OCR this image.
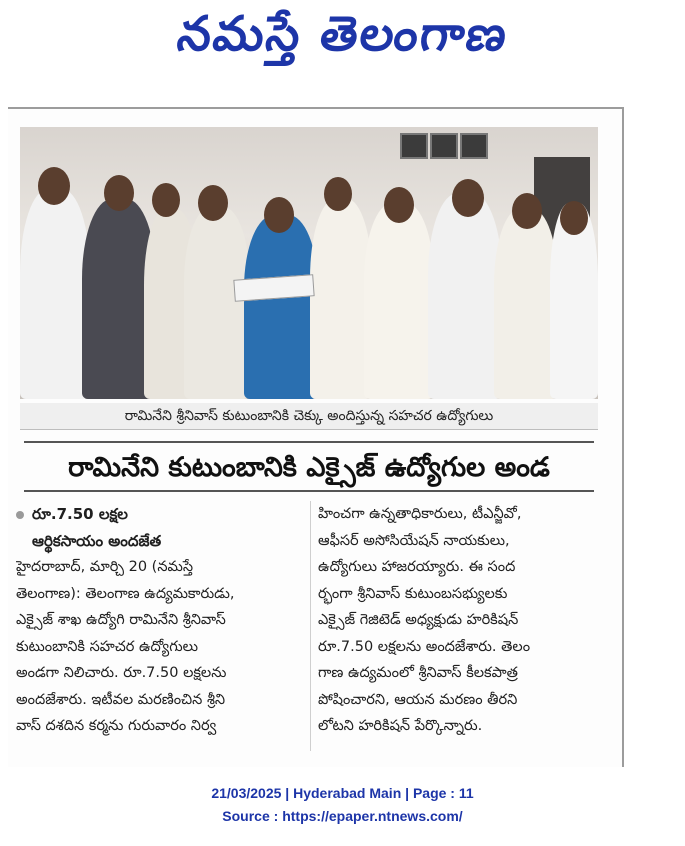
నమస్తే తెలంగాణ
రామినేని శ్రీనివాస్ కుటుంబానికి చెక్కు అందిస్తున్న సహచర ఉద్యోగులు
రామినేని కుటుంబానికి ఎక్సైజ్ ఉద్యోగుల అండ
రూ.7.50 లక్షల
ఆర్థికసాయం అందజేత
హైదరాబాద్, మార్చి 20 (నమస్తే
తెలంగాణ): తెలంగాణ ఉద్యమకారుడు,
ఎక్సైజ్ శాఖ ఉద్యోగి రామినేని శ్రీనివాస్
కుటుంబానికి సహచర ఉద్యోగులు
అండగా నిలిచారు. రూ.7.50 లక్షలను
అందజేశారు. ఇటీవల మరణించిన శ్రీని
వాస్ దశదిన కర్మను గురువారం నిర్వ
హించగా ఉన్నతాధికారులు, టీఎన్జీవో,
ఆఫీసర్ అసోసియేషన్ నాయకులు,
ఉద్యోగులు హాజరయ్యారు. ఈ సంద
ర్భంగా శ్రీనివాస్ కుటుంబసభ్యులకు
ఎక్సైజ్ గెజిటెడ్ అధ్యక్షుడు హరికిషన్
రూ.7.50 లక్షలను అందజేశారు. తెలం
గాణ ఉద్యమంలో శ్రీనివాస్ కీలకపాత్ర
పోషించారని, ఆయన మరణం తీరని
లోటని హరికిషన్ పేర్కొన్నారు.
21/03/2025 | Hyderabad Main | Page : 11
Source : https://epaper.ntnews.com/
